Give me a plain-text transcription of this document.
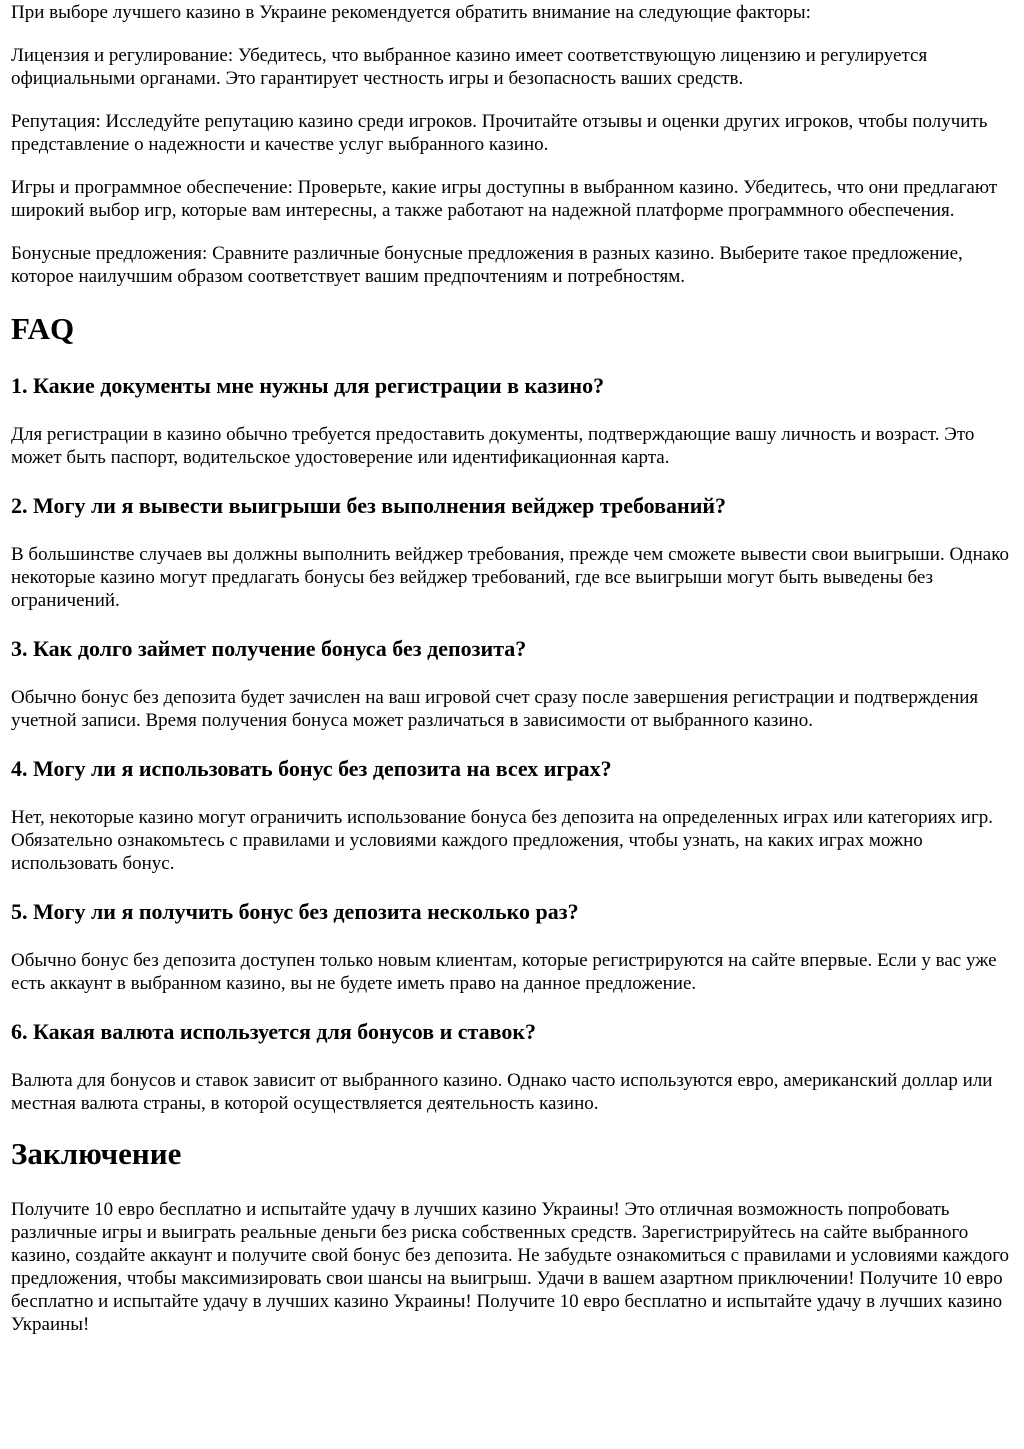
При выборе лучшего казино в Украине рекомендуется обратить внимание на следующие факторы:

Лицензия и регулирование: Убедитесь, что выбранное казино имеет соответствующую лицензию и регулируется официальными органами. Это гарантирует честность игры и безопасность ваших средств.

Репутация: Исследуйте репутацию казино среди игроков. Прочитайте отзывы и оценки других игроков, чтобы получить представление о надежности и качестве услуг выбранного казино.

Игры и программное обеспечение: Проверьте, какие игры доступны в выбранном казино. Убедитесь, что они предлагают широкий выбор игр, которые вам интересны, а также работают на надежной платформе программного обеспечения.

Бонусные предложения: Сравните различные бонусные предложения в разных казино. Выберите такое предложение, которое наилучшим образом соответствует вашим предпочтениям и потребностям.

FAQ
1. Какие документы мне нужны для регистрации в казино?

Для регистрации в казино обычно требуется предоставить документы, подтверждающие вашу личность и возраст. Это может быть паспорт, водительское удостоверение или идентификационная карта.

2. Могу ли я вывести выигрыши без выполнения вейджер требований?

В большинстве случаев вы должны выполнить вейджер требования, прежде чем сможете вывести свои выигрыши. Однако некоторые казино могут предлагать бонусы без вейджер требований, где все выигрыши могут быть выведены без ограничений.

3. Как долго займет получение бонуса без депозита?

Обычно бонус без депозита будет зачислен на ваш игровой счет сразу после завершения регистрации и подтверждения учетной записи. Время получения бонуса может различаться в зависимости от выбранного казино.

4. Могу ли я использовать бонус без депозита на всех играх?

Нет, некоторые казино могут ограничить использование бонуса без депозита на определенных играх или категориях игр. Обязательно ознакомьтесь с правилами и условиями каждого предложения, чтобы узнать, на каких играх можно использовать бонус.

5. Могу ли я получить бонус без депозита несколько раз?

Обычно бонус без депозита доступен только новым клиентам, которые регистрируются на сайте впервые. Если у вас уже есть аккаунт в выбранном казино, вы не будете иметь право на данное предложение.

6. Какая валюта используется для бонусов и ставок?

Валюта для бонусов и ставок зависит от выбранного казино. Однако часто используются евро, американский доллар или местная валюта страны, в которой осуществляется деятельность казино.

Заключение

Получите 10 евро бесплатно и испытайте удачу в лучших казино Украины! Это отличная возможность попробовать различные игры и выиграть реальные деньги без риска собственных средств. Зарегистрируйтесь на сайте выбранного казино, создайте аккаунт и получите свой бонус без депозита. Не забудьте ознакомиться с правилами и условиями каждого предложения, чтобы максимизировать свои шансы на выигрыш. Удачи в вашем азартном приключении! Получите 10 евро бесплатно и испытайте удачу в лучших казино Украины! Получите 10 евро бесплатно и испытайте удачу в лучших казино Украины!
